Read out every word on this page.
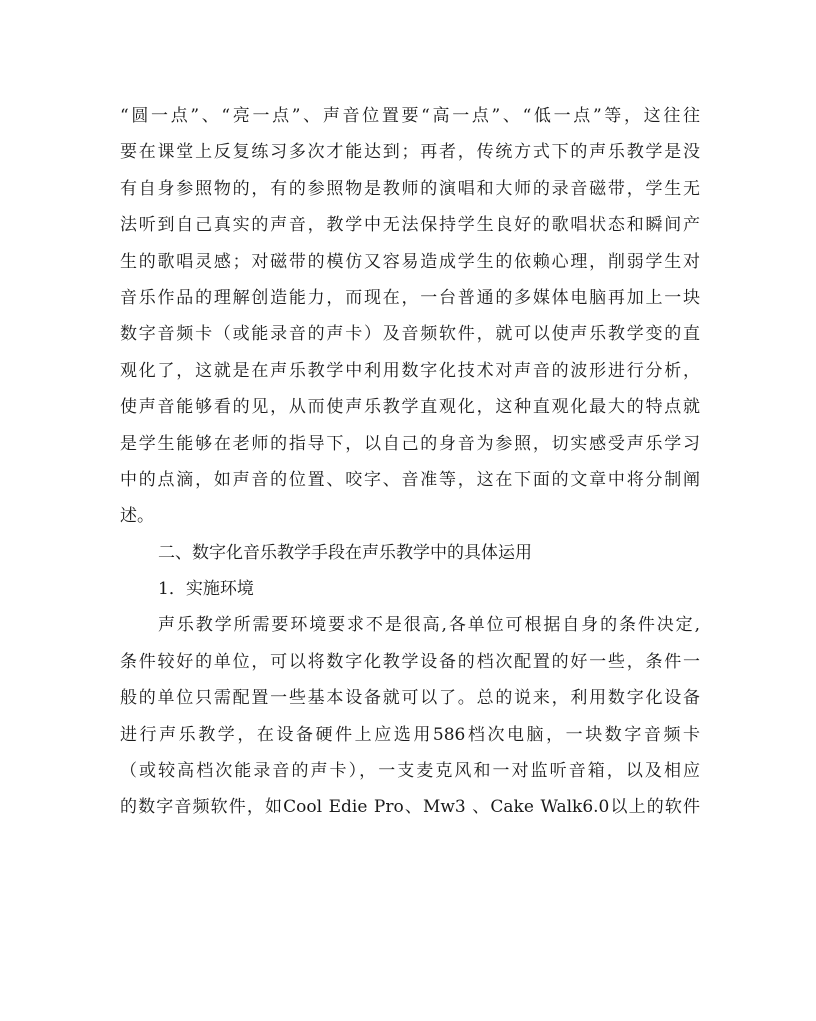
“圆一点”、“亮一点”、声音位置要“高一点”、“低一点”等，这往往
要在课堂上反复练习多次才能达到；再者，传统方式下的声乐教学是没
有自身参照物的，有的参照物是教师的演唱和大师的录音磁带，学生无
法听到自己真实的声音，教学中无法保持学生良好的歌唱状态和瞬间产
生的歌唱灵感；对磁带的模仿又容易造成学生的依赖心理，削弱学生对
音乐作品的理解创造能力，而现在，一台普通的多媒体电脑再加上一块
数字音频卡（或能录音的声卡）及音频软件，就可以使声乐教学变的直
观化了，这就是在声乐教学中利用数字化技术对声音的波形进行分析，
使声音能够看的见，从而使声乐教学直观化，这种直观化最大的特点就
是学生能够在老师的指导下，以自己的身音为参照，切实感受声乐学习
中的点滴，如声音的位置、咬字、音准等，这在下面的文章中将分制阐
述。
二、数字化音乐教学手段在声乐教学中的具体运用
1．实施环境
声乐教学所需要环境要求不是很高,各单位可根据自身的条件决定,
条件较好的单位，可以将数字化教学设备的档次配置的好一些，条件一
般的单位只需配置一些基本设备就可以了。总的说来，利用数字化设备
进行声乐教学，在设备硬件上应选用586档次电脑，一块数字音频卡
（或较高档次能录音的声卡），一支麦克风和一对监听音箱，以及相应
的数字音频软件，如Cool Edie Pro、Mw3 、Cake Walk6.0以上的软件
